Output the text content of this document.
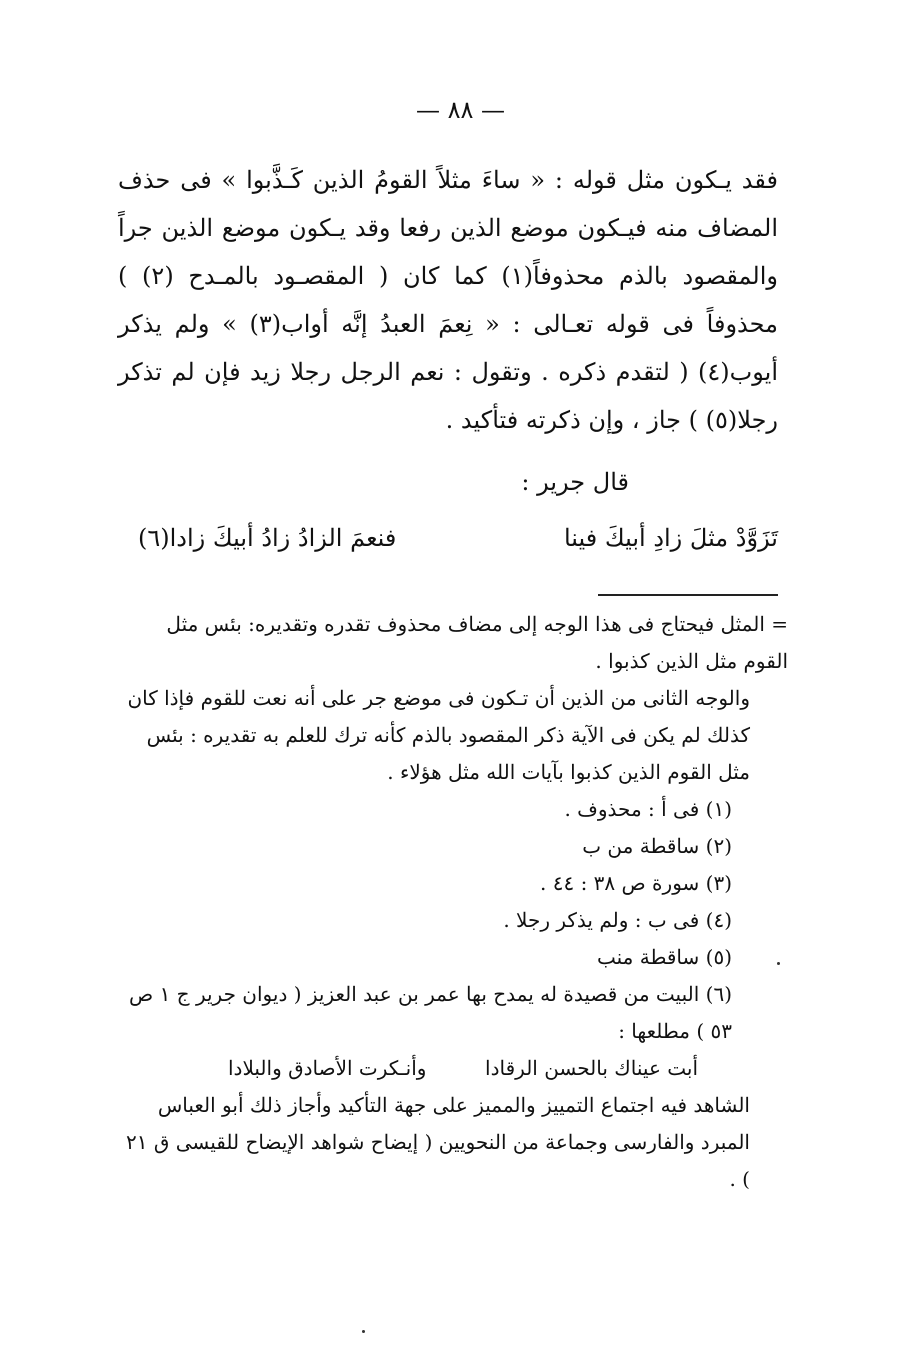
— ٨٨ —

فقد يـكون مثل قوله : « ساءَ مثلاً القومُ الذين كَـذَّبوا » فى حذف المضاف منه فيـكون موضع الذين رفعا وقد يـكون موضع الذين جراً والمقصود بالذم محذوفاً(١) كما كان ( المقصـود بالمـدح (٢) ) محذوفاً فى قوله تعـالى : « نِعمَ العبدُ إنَّه أواب(٣) » ولم يذكر أيوب(٤) ( لتقدم ذكره . وتقول : نعم الرجل رجلا زيد فإن لم تذكر رجلا(٥) ) جاز ، وإن ذكرته فتأكيد .

قال جرير :
تَزَوَّدْ مثلَ زادِ أبيكَ فينا
فنعمَ الزادُ زادُ أبيكَ زادا(٦)

= المثل فيحتاج فى هذا الوجه إلى مضاف محذوف تقدره وتقديره: بئس مثل القوم مثل الذين كذبوا .

والوجه الثانى من الذين أن تـكون فى موضع جر على أنه نعت للقوم فإذا كان كذلك لم يكن فى الآية ذكر المقصود بالذم كأنه ترك للعلم به تقديره : بئس مثل القوم الذين كذبوا بآيات الله مثل هؤلاء .

(١) فى أ : محذوف .

(٢) ساقطة من ب

(٣) سورة ص ٣٨ : ٤٤ .

(٤) فى ب : ولم يذكر رجلا .

(٥) ساقطة منب

(٦) البيت من قصيدة له يمدح بها عمر بن عبد العزيز ( ديوان جرير ج ١ ص ٥٣ ) مطلعها :

أبت عيناك بالحسن الرقادا
وأنـكرت الأصادق والبلادا

الشاهد فيه اجتماع التمييز والمميز على جهة التأكيد وأجاز ذلك أبو العباس المبرد والفارسى وجماعة من النحويين ( إيضاح شواهد الإيضاح للقيسى ق ٢١ ) .
